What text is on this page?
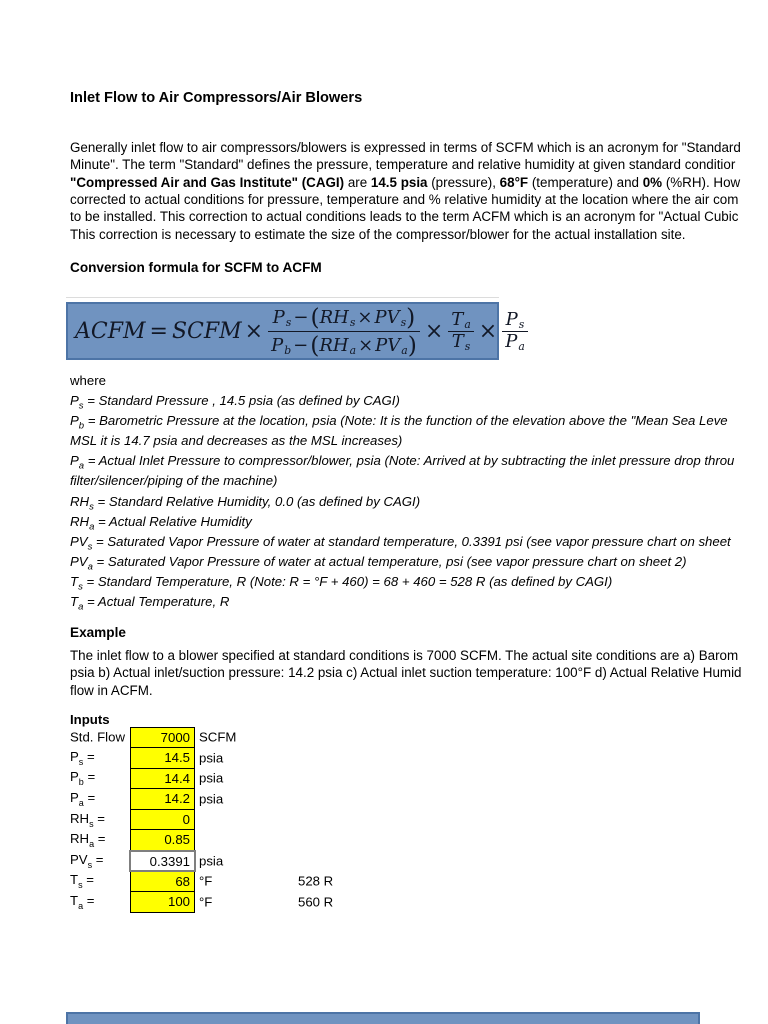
Inlet Flow to Air Compressors/Air Blowers
Generally inlet flow to air compressors/blowers is expressed in terms of SCFM which is an acronym for "Standard
Minute". The term "Standard" defines the pressure, temperature and relative humidity at given standard conditior
"Compressed Air and Gas Institute" (CAGI) are 14.5 psia (pressure), 68°F (temperature) and 0% (%RH). How
corrected to actual conditions for pressure, temperature and % relative humidity at the location where the air com
to be installed. This correction to actual conditions leads to the term ACFM which is an acronym for "Actual Cubic
This correction is necessary to estimate the size of the compressor/blower for the actual installation site.
Conversion formula for SCFM to ACFM
ACFM = SCFM × $\frac{\text{Ps −(RHs × PVs)}}{\text{Pb −(RHa × PVa)}} \times \frac{Ta}{Ts} \times \frac{Ps}{Pa}$
where
$P_s$ = Standard Pressure , 14.5 psia (as defined by CAGI)
$P_b$ = Barometric Pressure at the location, psia (Note: It is the function of the elevation above the "Mean Sea Leve
MSL it is 14.7 psia and decreases as the MSL increases)
$P_a$ = Actual Inlet Pressure to compressor/blower, psia (Note: Arrived at by subtracting the inlet pressure drop throu
filter/silencer/piping of the machine)
$RH_s$ = Standard Relative Humidity, 0.0 (as defined by CAGI)
$RH_a$ = Actual Relative Humidity
$PV_s$ = Saturated Vapor Pressure of water at standard temperature, 0.3391 psi (see vapor pressure chart on sheet
$PV_a$ = Saturated Vapor Pressure of water at actual temperature, psi (see vapor pressure chart on sheet 2)
$T_s$ = Standard Temperature, R (Note: R = °F + 460) = 68 + 460 = 528 R (as defined by CAGI)
$T_a$ = Actual Temperature, R
Example
The inlet flow to a blower specified at standard conditions is 7000 SCFM. The actual site conditions are a) Barom
psia b) Actual inlet/suction pressure: 14.2 psia c) Actual inlet suction temperature: 100°F d) Actual Relative Humid
flow in ACFM.
Inputs
Std. Flow	7000 SCFM
$P_s$ =	14.5 psia
$P_b$ =	14.4 psia
$P_a$ =	14.2 psia
$RH_s$ =	0
$RH_a$ =	0.85
$PV_s$ =	0.3391 psia
$T_s$ =	68 °F	528 R
$T_a$ =	100 °F	560 R
